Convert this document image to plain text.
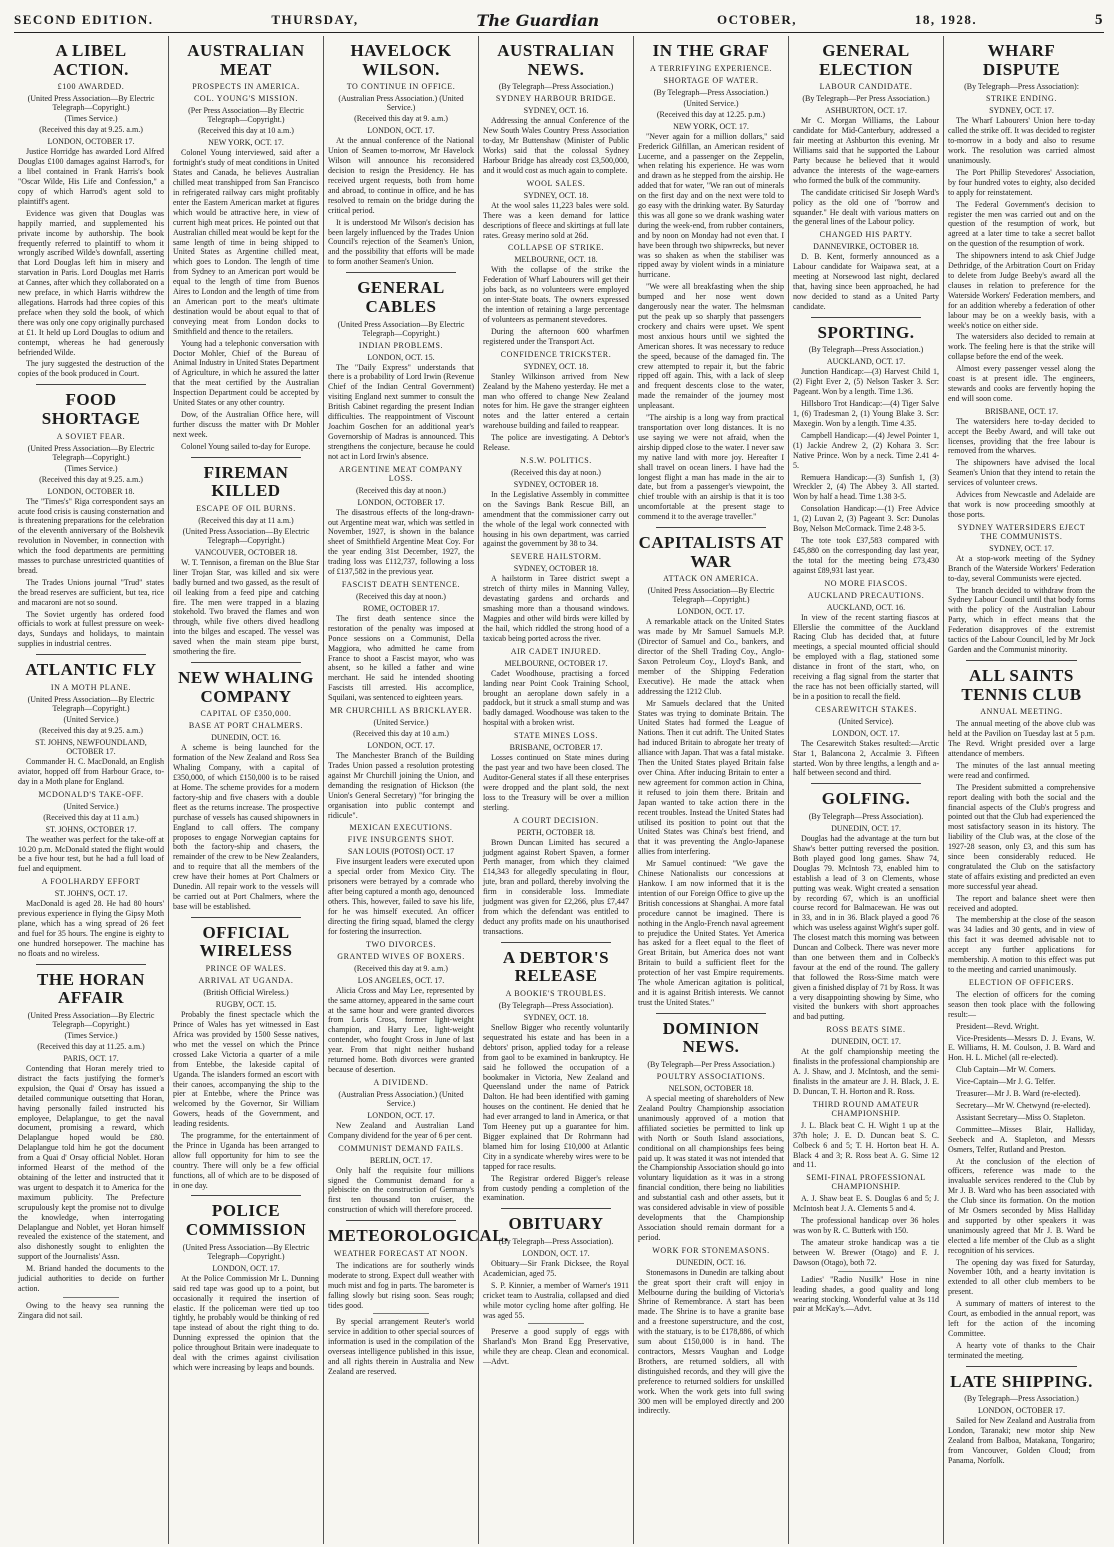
SECOND EDITION.	THURSDAY,	The Guardian	OCTOBER,	18, 1928.	5
A LIBEL ACTION.
£100 AWARDED.
(United Press Association—By Electric Telegraph—Copyright.)
(Times Service.)
(Received this day at 9.25. a.m.)
LONDON, OCTOBER 17.

Justice Horridge has awarded Lord Alfred Douglas £100 damages against Harrod's, for a libel contained in Frank Harris's book "Oscar Wilde, His Life and Confession," a copy of which Harrod's agent sold to plaintiff's agent.

Evidence was given that Douglas was happily married, and supplemented his private income by authorship. The book frequently referred to plaintiff to whom it wrongly ascribed Wilde's downfall, asserting that Lord Douglas left him in misery and starvation in Paris. Lord Douglas met Harris at Cannes, after which they collaborated on a new preface, in which Harris withdrew the allegations. Harrods had three copies of this preface when they sold the book, of which there was only one copy originally purchased at £1. It held up Lord Douglas to odium and contempt, whereas he had generously befriended Wilde.

The jury suggested the destruction of the copies of the book produced in Court.

FOOD SHORTAGE
A SOVIET FEAR.
(United Press Association—By Electric Telegraph—Copyright.)
(Times Service.)
(Received this day at 9.25. a.m.)
LONDON, OCTOBER 18.

The "Times's" Riga correspondent says an acute food crisis is causing consternation and is threatening preparations for the celebration of the eleventh anniversary of the Bolshevik revolution in November, in connection with which the food departments are permitting masses to purchase unrestricted quantities of bread.

The Trades Unions journal "Trud" states the bread reserves are sufficient, but tea, rice and macaroni are not so sound.

The Soviet urgently has ordered food officials to work at fullest pressure on week-days, Sundays and holidays, to maintain supplies in industrial centres.

ATLANTIC FLY
IN A MOTH PLANE.
(United Press Association—By Electric Telegraph—Copyright.)
(United Service.)
(Received this day at 9.25. a.m.)
ST. JOHNS, NEWFOUNDLAND, OCTOBER 17.

Commander H. C. MacDonald, an English aviator, hopped off from Harbour Grace, to-day in a Moth plane for England.

MCDONALD'S TAKE-OFF.
(United Service.)
(Received this day at 11 a.m.)
ST. JOHNS, OCTOBER 17.

The weather was perfect for the take-off at 10.20 p.m. McDonald stated the flight would be a five hour test, but he had a full load of fuel and equipment.

A FOOLHARDY EFFORT
ST. JOHN'S, OCT. 17.

MacDonald is aged 28. He had 80 hours' previous experience in flying the Gipsy Moth plane, which has a wing spread of 26 feet and fuel for 35 hours. The engine is eighty to one hundred horsepower. The machine has no floats and no wireless.

THE HORAN AFFAIR
(United Press Association—By Electric Telegraph—Copyright.)
(Times Service.)
(Received this day at 11.25. a.m.)
PARIS, OCT. 17.

Contending that Horan merely tried to distract the facts justifying the former's expulsion, the Quai d' Orsay has issued a detailed communique outsetting that Horan, having personally failed instructed his employee, Delaplangue, to get the naval document, promising a reward, which Delaplangue hoped would be £80. Delaplangue told him he got the document from a Quai d' Orsay official Noblet. Horan informed Hearst of the method of the obtaining of the letter and instructed that it was urgent to despatch it to America for the maximum publicity. The Prefecture scrupulously kept the promise not to divulge the knowledge, when interrogating Delaplangue and Noblet, yet Horan himself revealed the existence of the statement, and also dishonestly sought to enlighten the support of the Journalists' Assn.

M. Briand handed the documents to the judicial authorities to decide on further action.

Owing to the heavy sea running the Zingara did not sail.

AUSTRALIAN MEAT
PROSPECTS IN AMERICA.
COL. YOUNG'S MISSION.
(Per Press Association—By Electric Telegraph—Copyright.)
(Received this day at 10 a.m.)
NEW YORK, OCT. 17.

Colonel Young interviewed, said after a fortnight's study of meat conditions in United States and Canada, he believes Australian chilled meat transhipped from San Francisco in refrigerated railway cars might profitably enter the Eastern American market at figures which would be attractive here, in view of current high meat prices. He pointed out that Australian chilled meat would be kept for the same length of time in being shipped to United States as Argentine chilled meat, which goes to London. The length of time from Sydney to an American port would be equal to the length of time from Buenos Aires to London and the length of time from an American port to the meat's ultimate destination would be about equal to that of conveying meat from London docks to Smithfield and thence to the retailers.

Young had a telephonic conversation with Doctor Mohler, Chief of the Bureau of Animal Industry in United States Department of Agriculture, in which he assured the latter that the meat certified by the Australian Inspection Department could be accepted by United States or any other country.

Dow, of the Australian Office here, will further discuss the matter with Dr Mohler next week.

Colonel Young sailed to-day for Europe.

FIREMAN KILLED
ESCAPE OF OIL BURNS.
(Received this day at 11 a.m.)
(United Press Association—By Electric Telegraph—Copyright.)
VANCOUVER, OCTOBER 18.

W. T. Tennison, a fireman on the Blue Star liner Trojan Star, was killed and six were badly burned and two gassed, as the result of oil leaking from a feed pipe and catching fire. The men were trapped in a blazing stokehold. Two braved the flames and won through, while five others dived headlong into the bilges and escaped. The vessel was saved when the main steam pipe burst, smothering the fire.

NEW WHALING COMPANY
CAPITAL OF £350,000.
BASE AT PORT CHALMERS.
DUNEDIN, OCT. 16.

A scheme is being launched for the formation of the New Zealand and Ross Sea Whaling Company, with a capital of £350,000, of which £150,000 is to be raised at Home. The scheme provides for a modern factory-ship and five chasers with a double fleet as the returns increase. The prospective purchase of vessels has caused shipowners in England to call offers. The company proposes to engage Norwegian captains for both the factory-ship and chasers, the remainder of the crew to be New Zealanders, and to require that all the members of the crew have their homes at Port Chalmers or Dunedin. All repair work to the vessels will be carried out at Port Chalmers, where the base will be established.

OFFICIAL WIRELESS
PRINCE OF WALES.
ARRIVAL AT UGANDA.
(British Official Wireless.)
RUGBY, OCT. 15.

Probably the finest spectacle which the Prince of Wales has yet witnessed in East Africa was provided by 1500 Sesse natives, who met the vessel on which the Prince crossed Lake Victoria a quarter of a mile from Entebbe, the lakeside capital of Uganda. The islanders formed an escort with their canoes, accompanying the ship to the pier at Entebbe, where the Prince was welcomed by the Governor, Sir William Gowers, heads of the Government, and leading residents.

The programme, for the entertainment of the Prince in Uganda has been arranged to allow full opportunity for him to see the country. There will only be a few official functions, all of which are to be disposed of in one day.

POLICE COMMISSION
(United Press Association—By Electric Telegraph—Copyright.)
LONDON, OCT. 17.

At the Police Commission Mr L. Dunning said red tape was good up to a point, but occasionally it required the insertion of elastic. If the policeman were tied up too tightly, he probably would be thinking of red tape instead of about the right thing to do. Dunning expressed the opinion that the police throughout Britain were inadequate to deal with the crimes against civilisation which were increasing by leaps and bounds.

HAVELOCK WILSON.
TO CONTINUE IN OFFICE.
(Australian Press Association.) (United Service.)
(Received this day at 9. a.m.)
LONDON, OCT. 17.

At the annual conference of the National Union of Seamen to-morrow, Mr Havelock Wilson will announce his reconsidered decision to resign the Presidency. He has received urgent requests, both from home and abroad, to continue in office, and he has resolved to remain on the bridge during the critical period.

It is understood Mr Wilson's decision has been largely influenced by the Trades Union Council's rejection of the Seamen's Union, and the possibility that efforts will be made to form another Seamen's Union.

GENERAL CABLES
(United Press Association—By Electric Telegraph—Copyright.)
INDIAN PROBLEMS.
LONDON, OCT. 15.

The "Daily Express" understands that there is a probability of Lord Irwin (Revenue Chief of the Indian Central Government) visiting England next summer to consult the British Cabinet regarding the present Indian difficulties. The reappointment of Viscount Joachim Goschen for an additional year's Governorship of Madras is announced. This strengthens the conjecture, because he could not act in Lord Irwin's absence.

ARGENTINE MEAT COMPANY LOSS.
(Received this day at noon.)
LONDON, OCTOBER 17.

The disastrous effects of the long-drawn-out Argentine meat war, which was settled in November, 1927, is shown in the balance sheet of Smithfield Argentine Meat Coy. For the year ending 31st December, 1927, the trading loss was £112,737, following a loss of £137,582 in the previous year.

FASCIST DEATH SENTENCE.
(Received this day at noon.)
ROME, OCTOBER 17.

The first death sentence since the restoration of the penalty was imposed at Ponce sessions on a Communist, Della Maggiora, who admitted he came from France to shoot a Fascist mayor, who was absent, so he killed a father and wine merchant. He said he intended shooting Fascists till arrested. His accomplice, Squilani, was sentenced to eighteen years.

MR CHURCHILL AS BRICKLAYER.
(United Service.)
(Received this day at 10 a.m.)
LONDON, OCT. 17.

The Manchester Branch of the Building Trades Union passed a resolution protesting against Mr Churchill joining the Union, and demanding the resignation of Hickson (the Union's General Secretary) "for bringing the organisation into public contempt and ridicule".

MEXICAN EXECUTIONS.
FIVE INSURGENTS SHOT.
SAN LOUIS (POTOSI) OCT. 17

Five insurgent leaders were executed upon a special order from Mexico City. The prisoners were betrayed by a comrade who after being captured a month ago, denounced others. This, however, failed to save his life, for he was himself executed. An officer directing the firing squad, blamed the clergy for fostering the insurrection.

TWO DIVORCES.
GRANTED WIVES OF BOXERS.
(Received this day at 9. a.m.)
LOS ANGELES, OCT. 17.

Alicia Cross and May Lee, represented by the same attorney, appeared in the same court at the same hour and were granted divorces from Loris Cross, former light-weight champion, and Harry Lee, light-weight contender, who fought Cross in June of last year. From that night neither husband returned home. Both divorces were granted because of desertion.

A DIVIDEND.
(Australian Press Association.) (United Service.)
LONDON, OCT. 17.

New Zealand and Australian Land Company dividend for the year of 6 per cent.

COMMUNIST DEMAND FAILS.
BERLIN, OCT. 17.

Only half the requisite four millions signed the Communist demand for a plebiscite on the construction of Germany's first ten thousand ton cruiser, the construction of which will therefore proceed.

METEOROLOGICAL.
WEATHER FORECAST AT NOON.

The indications are for southerly winds moderate to strong. Expect dull weather with much mist and fog in parts. The barometer is falling slowly but rising soon. Seas rough; tides good.

By special arrangement Reuter's world service in addition to other special sources of information is used in the compilation of the overseas intelligence published in this issue, and all rights therein in Australia and New Zealand are reserved.

AUSTRALIAN NEWS.
(By Telegraph—Press Association.)
SYDNEY HARBOUR BRIDGE.
SYDNEY, OCT. 16.

Addressing the annual Conference of the New South Wales Country Press Association to-day, Mr Buttenshaw (Minister of Public Works) said that the colossal Sydney Harbour Bridge has already cost £3,500,000, and it would cost as much again to complete.

WOOL SALES.
SYDNEY, OCT. 18.

At the wool sales 11,223 bales were sold. There was a keen demand for lattice descriptions of fleece and skirtings at full late rates. Greasy merino sold at 26d.

COLLAPSE OF STRIKE.
MELBOURNE, OCT. 18.

With the collapse of the strike the Federation of Wharf Labourers will get their jobs back, as no volunteers were employed on inter-State boats. The owners expressed the intention of retaining a large percentage of volunteers as permanent stevedores.

During the afternoon 600 wharfmen registered under the Transport Act.

CONFIDENCE TRICKSTER.
SYDNEY, OCT. 18.

Stanley Wilkinson arrived from New Zealand by the Maheno yesterday. He met a man who offered to change New Zealand notes for him. He gave the stranger eighteen notes and the latter entered a certain warehouse building and failed to reappear.

The police are investigating. A Debtor's Release.

N.S.W. POLITICS.
(Received this day at noon.)
SYDNEY, OCTOBER 18.

In the Legislative Assembly in committee on the Savings Bank Rescue Bill, an amendment that the commissioner carry out the whole of the legal work connected with housing in his own department, was carried against the government by 38 to 34.

SEVERE HAILSTORM.
SYDNEY, OCTOBER 18.

A hailstorm in Taree district swept a stretch of thirty miles in Manning Valley, devastating gardens and orchards and smashing more than a thousand windows. Magpies and other wild birds were killed by the hail, which riddled the strong hood of a taxicab being ported across the river.

AIR CADET INJURED.
MELBOURNE, OCTOBER 17.

Cadet Woodhouse, practising a forced landing near Point Cook Training School, brought an aeroplane down safely in a paddock, but it struck a small stump and was badly damaged. Woodhouse was taken to the hospital with a broken wrist.

STATE MINES LOSS.
BRISBANE, OCTOBER 17.

Losses continued on State mines during the past year and two have been closed. The Auditor-General states if all these enterprises were dropped and the plant sold, the next loss to the Treasury will be over a million sterling.

A COURT DECISION.
PERTH, OCTOBER 18.

Brown Duncan Limited has secured a judgment against Robert Spaven, a former Perth manager, from which they claimed £14,343 for allegedly speculating in flour, jute, bran and pollard, thereby involving the firm in considerable loss. Immediate judgment was given for £2,266, plus £7,447 from which the defendant was entitled to deduct any profits made on his unauthorised transactions.

A DEBTOR'S RELEASE
A BOOKIE'S TROUBLES.
(By Telegraph—Press Association).
SYDNEY, OCT. 18.

Snellow Bigger who recently voluntarily sequestrated his estate and has been in a debtors' prison, applied today for a release from gaol to be examined in bankruptcy. He said he followed the occupation of a bookmaker in Victoria, New Zealand and Queensland under the name of Patrick Dalton. He had been identified with gaming houses on the continent. He denied that he had ever arranged to land in America, or that Tom Heeney put up a guarantee for him. Bigger explained that Dr Rohrmann had blamed him for losing £10,000 at Atlantic City in a syndicate whereby wires were to be tapped for race results.

The Registrar ordered Bigger's release from custody pending a completion of the examination.

OBITUARY
(By Telegraph—Press Association).
LONDON, OCT. 17.

Obituary—Sir Frank Dicksee, the Royal Academician, aged 75.

S. P. Kinnier, a member of Warner's 1911 cricket team to Australia, collapsed and died while motor cycling home after golfing. He was aged 55.

Preserve a good supply of eggs with Sharland's Mon Brand Egg Preservative, while they are cheap. Clean and economical.—Advt.

IN THE GRAF
A TERRIFYING EXPERIENCE.
SHORTAGE OF WATER.
(By Telegraph—Press Association.)
(United Service.)
(Received this day at 12.25. p.m.)
NEW YORK, OCT. 17.

"Never again for a million dollars," said Frederick Gilfillan, an American resident of Lucerne, and a passenger on the Zeppelin, when relating his experience. He was worn and drawn as he stepped from the airship. He added that for water, "We ran out of minerals on the first day and on the next were told to go easy with the drinking water. By Saturday this was all gone so we drank washing water during the week-end, from rubber containers, and by noon on Monday had not even that. I have been through two shipwrecks, but never was so shaken as when the stabiliser was ripped away by violent winds in a miniature hurricane.

"We were all breakfasting when the ship bumped and her nose went down dangerously near the water. The helmsman put the peak up so sharply that passengers crockery and chairs were upset. We spent most anxious hours until we sighted the American shores. It was necessary to reduce the speed, because of the damaged fin. The crew attempted to repair it, but the fabric ripped off again. This, with a lack of sleep and frequent descents close to the water, made the remainder of the journey most unpleasant.

"The airship is a long way from practical transportation over long distances. It is no use saying we were not afraid, when the airship dipped close to the water. I never saw my native land with more joy. Hereafter I shall travel on ocean liners. I have had the longest flight a man has made in the air to date, but from a passenger's viewpoint, the chief trouble with an airship is that it is too uncomfortable at the present stage to commend it to the average traveller."

CAPITALISTS AT WAR
ATTACK ON AMERICA.
(United Press Association—By Electric Telegraph—Copyright.)
LONDON, OCT. 17.

A remarkable attack on the United States was made by Mr Samuel Samuels M.P. (Director of Samuel and Co., bankers, and director of the Shell Trading Coy., Anglo-Saxon Petroleum Coy., Lloyd's Bank, and member of the Shipping Federation Executive). He made the attack when addressing the 1212 Club.

Mr Samuels declared that the United States was trying to dominate Britain. The United States had formed the League of Nations. Then it cut adrift. The United States had induced Britain to abrogate her treaty of alliance with Japan. That was a fatal mistake. Then the United States played Britain false over China. After inducing Britain to enter a new agreement for common action in China, it refused to join them there. Britain and Japan wanted to take action there in the recent troubles. Instead the United States had utilised its position to point out that the United States was China's best friend, and that it was preventing the Anglo-Japanese allies from interfering.

Mr Samuel continued: "We gave the Chinese Nationalists our concessions at Hankow. I am now informed that it is the intention of our Foreign Office to give up the British concessions at Shanghai. A more fatal procedure cannot be imagined. There is nothing in the Anglo-French naval agreement to prejudice the United States. Yet America has asked for a fleet equal to the fleet of Great Britain, but America does not want Britain to build a sufficient fleet for the protection of her vast Empire requirements. The whole American agitation is political, and it is against British interests. We cannot trust the United States."

DOMINION NEWS.
(By Telegraph—Per Press Association.)
POULTRY ASSOCIATIONS.
NELSON, OCTOBER 18.

A special meeting of shareholders of New Zealand Poultry Championship association unanimously approved of a motion that affiliated societies be permitted to link up with North or South Island associations, conditional on all championships fees being paid up. It was stated it was not intended that the Championship Association should go into voluntary liquidation as it was in a strong financial condition, there being no liabilities and substantial cash and other assets, but it was considered advisable in view of possible developments that the Championship Association should remain dormant for a period.

WORK FOR STONEMASONS.
DUNEDIN, OCT. 16.

Stonemasons in Dunedin are talking about the great sport their craft will enjoy in Melbourne during the building of Victoria's Shrine of Remembrance. A start has been made. The Shrine is to have a granite base and a freestone superstructure, and the cost, with the statuary, is to be £178,886, of which sum about £150,000 is in hand. The contractors, Messrs Vaughan and Lodge Brothers, are returned soldiers, all with distinguished records, and they will give the preference to returned soldiers for unskilled work. When the work gets into full swing 300 men will be employed directly and 200 indirectly.

GENERAL ELECTION
LABOUR CANDIDATE.
(By Telegraph—Per Press Association.)
ASHBURTON, OCT. 17.

Mr C. Morgan Williams, the Labour candidate for Mid-Canterbury, addressed a fair meeting at Ashburton this evening. Mr Williams said that he supported the Labour Party because he believed that it would advance the interests of the wage-earners who formed the bulk of the community.

The candidate criticised Sir Joseph Ward's policy as the old one of "borrow and squander." He dealt with various matters on the general lines of the Labour policy.

CHANGED HIS PARTY.
DANNEVIRKE, OCTOBER 18.

D. B. Kent, formerly announced as a Labour candidate for Waipawa seat, at a meeting at Norsewood last night, declared that, having since been approached, he had now decided to stand as a United Party candidate.

SPORTING.
(By Telegraph—Press Association.)
AUCKLAND, OCT. 17.

Junction Handicap:—(3) Harvest Child 1, (2) Fight Ever 2, (5) Nelson Tasker 3. Scr: Pageant. Won by a length. Time 1.36.

Hillsboro Trot Handicap:—(4) Tiger Salve 1, (6) Tradesman 2, (1) Young Blake 3. Scr: Maxegin. Won by a length. Time 4.35.

Campbell Handicap:—(4) Jewel Pointer 1, (1) Jackie Andrew 2, (2) Kohara 3. Scr: Native Prince. Won by a neck. Time 2.41 4-5.

Remuera Handicap:—(3) Sunfish 1, (3) Wreckler 2, (4) The Abbey 3. All started. Won by half a head. Time 1.38 3-5.

Consolation Handicap:—(1) Free Advice 1, (2) Luvan 2, (3) Pageant 3. Scr: Dunolas Boy, Nelson McCormack. Time 2.48 3-5.

The tote took £37,583 compared with £45,880 on the corresponding day last year, the total for the meeting being £73,430 against £89,931 last year.

NO MORE FIASCOS.
AUCKLAND PRECAUTIONS.
AUCKLAND, OCT. 16.

In view of the recent starting fiascos at Ellerslie the committee of the Auckland Racing Club has decided that, at future meetings, a special mounted official should be employed with a flag, stationed some distance in front of the start, who, on receiving a flag signal from the starter that the race has not been officially started, will be in a position to recall the field.

CESAREWITCH STAKES.
(United Service).
LONDON, OCT. 17.

The Cesarewitch Stakes resulted:—Arctic Star 1, Balancona 2, Accalmie 3. Fifteen started. Won by three lengths, a length and a-half between second and third.

GOLFING.
(By Telegraph—Press Association).
DUNEDIN, OCT. 17.

Douglas had the advantage at the turn but Shaw's better putting reversed the position. Both played good long games. Shaw 74, Douglas 79. McIntosh 73, enabled him to establish a lead of 3 on Clements, whose putting was weak. Wight created a sensation by recording 67, which is an unofficial course record for Balmacewan. He was out in 33, and in in 36. Black played a good 76 which was useless against Wight's super golf. The closest match this morning was between Duncan and Colbeck. There was never more than one between them and in Colbeck's favour at the end of the round. The gallery that followed the Ross-Sime match were given a finished display of 71 by Ross. It was a very disappointing showing by Sime, who visited the bunkers with short approaches and bad putting.

ROSS BEATS SIME.
DUNEDIN, OCT. 17.

At the golf championship meeting the finalists in the professional championship are A. J. Shaw, and J. McIntosh, and the semi-finalists in the amateur are J. H. Black, J. E. D. Duncan, T. H. Horton and R. Ross.

THIRD ROUND AMATEUR CHAMPIONSHIP.

J. L. Black beat C. H. Wight 1 up at the 37th hole; J. E. D. Duncan beat S. C. Colbeck 6 and 5; T. H. Horton beat H. A. Black 4 and 3; R. Ross beat A. G. Sime 12 and 11.

SEMI-FINAL PROFESSIONAL CHAMPIONSHIP.

A. J. Shaw beat E. S. Douglas 6 and 5; J. McIntosh beat J. A. Clements 5 and 4.

The professional handicap over 36 holes was won by R. C. Butterk with 150.

The amateur stroke handicap was a tie between W. Brewer (Otago) and F. J. Dawson (Otago), both 72.

Ladies' "Radio Nusilk" Hose in nine leading shades, a good quality and long wearing stocking. Wonderful value at 3s 11d pair at McKay's.—Advt.

WHARF DISPUTE
(By Telegraph—Press Association):
STRIKE ENDING.
SYDNEY, OCT. 17.

The Wharf Labourers' Union here to-day called the strike off. It was decided to register to-morrow in a body and also to resume work. The resolution was carried almost unanimously.

The Port Phillip Stevedores' Association, by four hundred votes to eighty, also decided to apply for reinstatement.

The Federal Government's decision to register the men was carried out and on the question of the resumption of work, but agreed at a later time to take a secret ballot on the question of the resumption of work.

The shipowners intend to ask Chief Judge Dethridge, of the Arbitration Court on Friday to delete from Judge Beeby's award all the clauses in relation to preference for the Waterside Workers' Federation members, and for an addition whereby a federation of other labour may be on a weekly basis, with a week's notice on either side.

The watersiders also decided to remain at work. The feeling here is that the strike will collapse before the end of the week.

Almost every passenger vessel along the coast is at present idle. The engineers, stewards and cooks are fervently hoping the end will soon come.

BRISBANE, OCT. 17.

The watersiders here to-day decided to accept the Beeby Award, and will take out licenses, providing that the free labour is removed from the wharves.

The shipowners have advised the local Seamen's Union that they intend to retain the services of volunteer crews.

Advices from Newcastle and Adelaide are that work is now proceeding smoothly at those ports.

SYDNEY WATERSIDERS EJECT THE COMMUNISTS.
SYDNEY, OCT. 17.

At a stop-work meeting of the Sydney Branch of the Waterside Workers' Federation to-day, several Communists were ejected.

The branch decided to withdraw from the Sydney Labour Council until that body forms with the policy of the Australian Labour Party, which in effect means that the Federation disapproves of the extremist tactics of the Labour Council, led by Mr Jock Garden and the Communist minority.

ALL SAINTS TENNIS CLUB
ANNUAL MEETING.

The annual meeting of the above club was held at the Pavilion on Tuesday last at 5 p.m. The Revd. Wright presided over a large attendance of members.

The minutes of the last annual meeting were read and confirmed.

The President submitted a comprehensive report dealing with both the social and the financial aspects of the Club's progress and pointed out that the Club had experienced the most satisfactory season in its history. The liability of the Club was, at the close of the 1927-28 season, only £3, and this sum has since been considerably reduced. He congratulated the Club on the satisfactory state of affairs existing and predicted an even more successful year ahead.

The report and balance sheet were then received and adopted.

The membership at the close of the season was 34 ladies and 30 gents, and in view of this fact it was deemed advisable not to accept any further applications for membership. A motion to this effect was put to the meeting and carried unanimously.

ELECTION OF OFFICERS.

The election of officers for the coming season then took place with the following result:—

President—Revd. Wright.

Vice-Presidents—Messrs D. J. Evans, W. E. Williams, H. M. Coulson, J. B. Ward and Hon. H. L. Michel (all re-elected).

Club Captain—Mr W. Comers.

Vice-Captain—Mr J. G. Telfer.

Treasurer—Mr J. B. Ward (re-elected).

Secretary—Mr W. Chetwynd (re-elected).

Assistant Secretary—Miss O. Stapleton.

Committee—Misses Blair, Halliday, Seebeck and A. Stapleton, and Messrs Osmers, Telfer, Rutland and Preston.

At the conclusion of the election of officers, reference was made to the invaluable services rendered to the Club by Mr J. B. Ward who has been associated with the Club since its formation. On the motion of Mr Osmers seconded by Miss Halliday and supported by other speakers it was unanimously agreed that Mr J. B. Ward be elected a life member of the Club as a slight recognition of his services.

The opening day was fixed for Saturday, November 10th, and a hearty invitation is extended to all other club members to be present.

A summary of matters of interest to the Court, as embodied in the annual report, was left for the action of the incoming Committee.

A hearty vote of thanks to the Chair terminated the meeting.

LATE SHIPPING.
(By Telegraph—Press Association.)
LONDON, OCTOBER 17.

Sailed for New Zealand and Australia from London, Taranaki; new motor ship New Zealand from Balboa, Matakana, Tongariro; from Vancouver, Golden Cloud; from Panama, Norfolk.
